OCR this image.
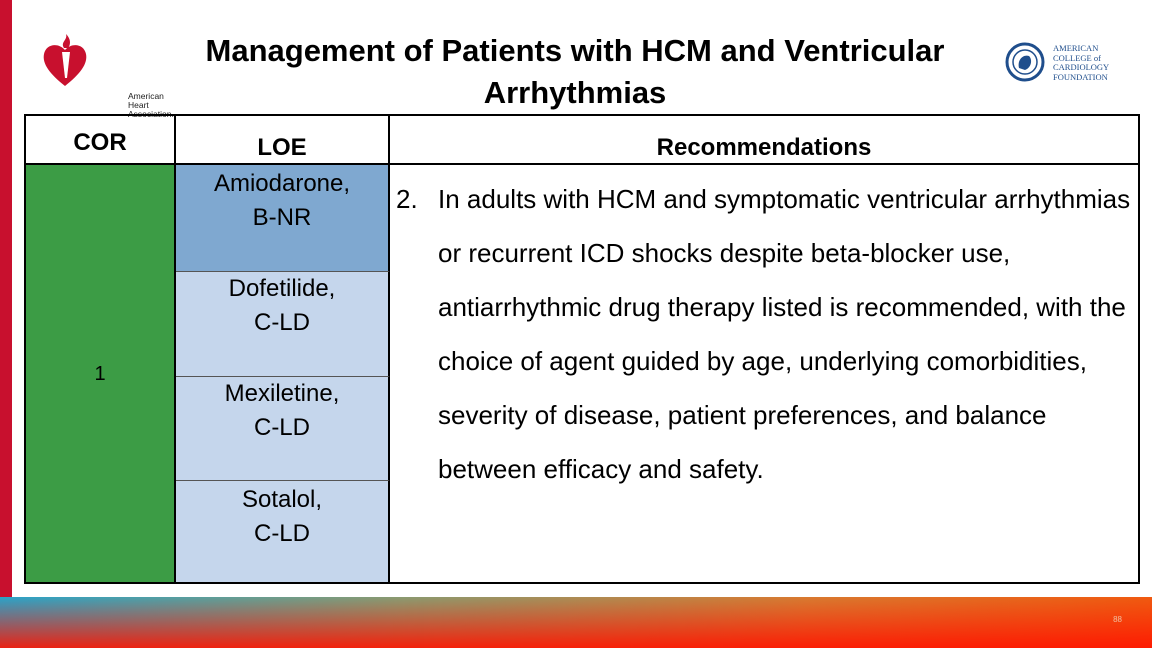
American
Heart
Association.
AMERICAN
COLLEGE of
CARDIOLOGY
FOUNDATION
Management of Patients with HCM and Ventricular Arrhythmias
COR	LOE	Recommendations
1
Amiodarone,
B-NR
Dofetilide,
C-LD
Mexiletine,
C-LD
Sotalol,
C-LD
2. In adults with HCM and symptomatic ventricular arrhythmias or recurrent ICD shocks despite beta-blocker use, antiarrhythmic drug therapy listed is recommended, with the choice of agent guided by age, underlying comorbidities, severity of disease, patient preferences, and balance between efficacy and safety.
88
